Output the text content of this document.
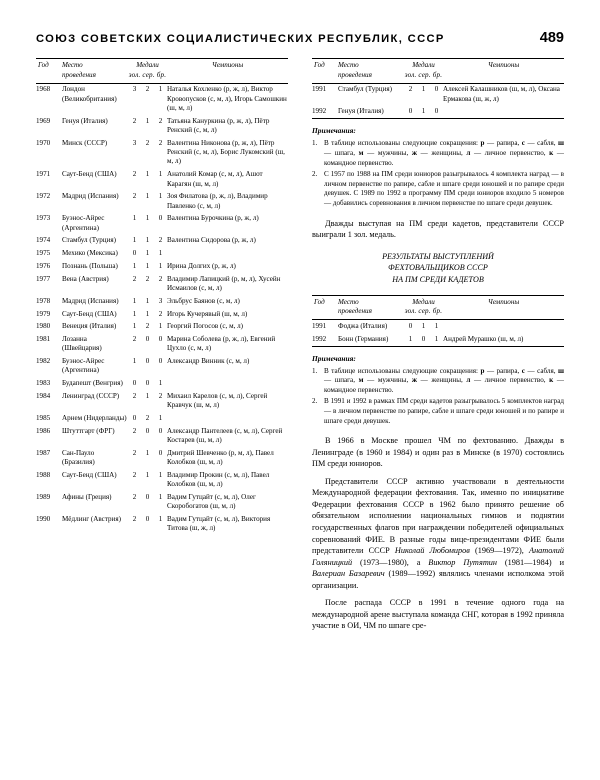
СОЮЗ СОВЕТСКИХ СОЦИАЛИСТИЧЕСКИХ РЕСПУБЛИК, СССР	489
Год	Место
проведения	Медали
зол. сер. бр.			Чемпионы
1968	Лондон (Великобритания)	3	2	1	Наталья Кохленко (р, ж, л), Виктор Кровопусков (с, м, л), Игорь Самошкин (ш, м, л)
1969	Генуя (Италия)	2	1	2	Татьяна Кануркина (р, ж, л), Пётр Ренский (с, м, л)
1970	Минск (СССР)	3	2	2	Валентина Никонова (р, ж, л), Пётр Ренский (с, м, л), Борис Лукомский (ш, м, л)
1971	Саут-Бенд (США)	2	1	1	Анатолий Комар (с, м, л), Ашот Карагян (ш, м, л)
1972	Мадрид (Испания)	2	1	1	Зоя Филатова (р, ж, л), Владимир Павленко (с, м, л)
1973	Буэнос-Айрес (Аргентина)	1	1	0	Валентина Бурочкина (р, ж, л)
1974	Стамбул (Турция)	1	1	2	Валентина Сидорова (р, ж, л)
1975	Мехико (Мексика)	0	1	1	
1976	Познань (Польша)	1	1	1	Ирина Долгих (р, ж, л)
1977	Вена (Австрия)	2	2	2	Владимир Лапицкий (р, м, л), Хусейн Исмаилов (с, м, л)
1978	Мадрид (Испания)	1	1	3	Эльбрус Баянов (с, м, л)
1979	Саут-Бенд (США)	1	1	2	Игорь Кучерявый (ш, м, л)
1980	Венеция (Италия)	1	2	1	Георгий Погосов (с, м, л)
1981	Лозанна (Швейцария)	2	0	0	Марина Соболева (р, ж, л), Евгений Цухло (с, м, л)
1982	Буэнос-Айрес (Аргентина)	1	0	0	Александр Винник (с, м, л)
1983	Будапешт (Венгрия)	0	0	1	
1984	Ленинград (СССР)	2	1	2	Михаил Карелов (с, м, л), Сергей Кравчук (ш, м, л)
1985	Арнем (Нидерланды)	0	2	1	
1986	Штуттгарт (ФРГ)	2	0	0	Александр Пантелеев (с, м, л), Сергей Костарев (ш, м, л)
1987	Сан-Пауло (Бразилия)	2	1	0	Дмитрий Шевченко (р, м, л), Павел Колобков (ш, м, л)
1988	Саут-Бенд (США)	2	1	1	Владимир Прокин (с, м, л), Павел Колобков (ш, м, л)
1989	Афины (Греция)	2	0	1	Вадим Гутцайт (с, м, л), Олег Скоробогатов (ш, м, л)
1990	Мёдлинг (Австрия)	2	0	1	Вадим Гутцайт (с, м, л), Виктория Титова (ш, ж, л)
Год	Место
проведения	Медали
зол. сер. бр.			Чемпионы
1991	Стамбул (Турция)	2	1	0	Алексей Калашников (ш, м, л), Оксана Ермакова (ш, ж, л)
1992	Генуя (Италия)	0	1	0	

Примечания:
1. В таблице использованы следующие сокращения: р — рапира, с — сабля, ш — шпага, м — мужчины, ж — женщины, л — личное первенство, к — командное первенство.
2. С 1957 по 1988 на ПМ среди юниоров разыгрывалось 4 комплекта наград — в личном первенстве по рапире, сабле и шпаге среди юношей и по рапире среди девушек. С 1989 по 1992 в программу ПМ среди юниоров входило 5 номеров — добавились соревнования в личном первенстве по шпаге среди девушек.

Дважды выступая на ПМ среди кадетов, представители СССР выиграли 1 зол. медаль.

РЕЗУЛЬТАТЫ ВЫСТУПЛЕНИЙ
ФЕХТОВАЛЬЩИКОВ СССР
НА ПМ СРЕДИ КАДЕТОВ
Год	Место
проведения	Медали
зол. сер. бр.			Чемпионы
1991	Фоджа (Италия)	0	1	1	
1992	Бонн (Германия)	1	0	1	Андрей Мурашко (ш, м, л)

Примечания:
1. В таблице использованы следующие сокращения: р — рапира, с — сабля, ш — шпага, м — мужчины, ж — женщины, л — личное первенство, к — командное первенство.
2. В 1991 и 1992 в рамках ПМ среди кадетов разыгрывалось 5 комплектов наград — в личном первенстве по рапире, сабле и шпаге среди юношей и по рапире и шпаге среди девушек.

В 1966 в Москве прошел ЧМ по фехтованию. Дважды в Ленинграде (в 1960 и 1984) и один раз в Минске (в 1970) состоялись ПМ среди юниоров.

Представители СССР активно участвовали в деятельности Международной федерации фехтования. Так, именно по инициативе Федерации фехтования СССР в 1962 было принято решение об обязательном исполнении национальных гимнов и поднятии государственных флагов при награждении победителей официальных соревнований ФИЕ. В разные годы вице-президентами ФИЕ были представители СССР Николай Любомиров (1969—1972), Анатолий Голяницкий (1973—1980), а Виктор Путятин (1981—1984) и Валериан Базаревич (1989—1992) являлись членами исполкома этой организации.

После распада СССР в 1991 в течение одного года на международной арене выступала команда СНГ, которая в 1992 приняла участие в ОИ, ЧМ по шпаге сре-
